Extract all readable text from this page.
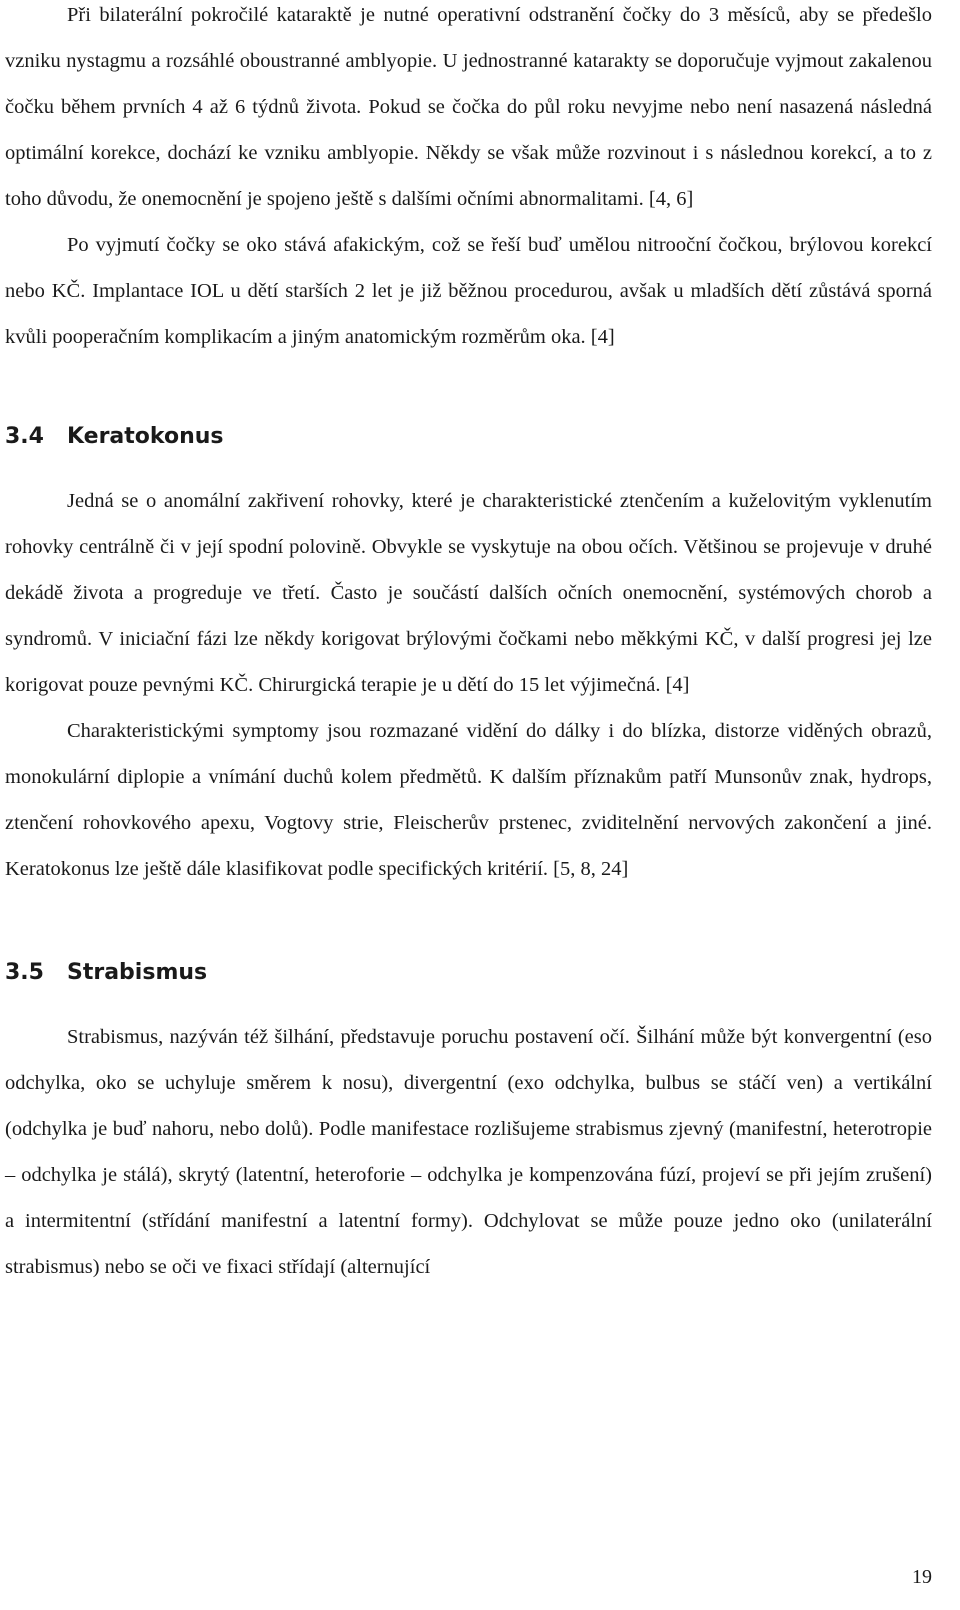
Při bilaterální pokročilé kataraktě je nutné operativní odstranění čočky do 3 měsíců, aby se předešlo vzniku nystagmu a rozsáhlé oboustranné amblyopie. U jednostranné katarakty se doporučuje vyjmout zakalenou čočku během prvních 4 až 6 týdnů života. Pokud se čočka do půl roku nevyjme nebo není nasazená následná optimální korekce, dochází ke vzniku amblyopie. Někdy se však může rozvinout i s následnou korekcí, a to z toho důvodu, že onemocnění je spojeno ještě s dalšími očními abnormalitami. [4, 6]

Po vyjmutí čočky se oko stává afakickým, což se řeší buď umělou nitrooční čočkou, brýlovou korekcí nebo KČ. Implantace IOL u dětí starších 2 let je již běžnou procedurou, avšak u mladších dětí zůstává sporná kvůli pooperačním komplikacím a jiným anatomickým rozměrům oka. [4]

3.4 Keratokonus

Jedná se o anomální zakřivení rohovky, které je charakteristické ztenčením a kuželovitým vyklenutím rohovky centrálně či v její spodní polovině. Obvykle se vyskytuje na obou očích. Většinou se projevuje v druhé dekádě života a progreduje ve třetí. Často je součástí dalších očních onemocnění, systémových chorob a syndromů. V iniciační fázi lze někdy korigovat brýlovými čočkami nebo měkkými KČ, v další progresi jej lze korigovat pouze pevnými KČ. Chirurgická terapie je u dětí do 15 let výjimečná. [4]

Charakteristickými symptomy jsou rozmazané vidění do dálky i do blízka, distorze viděných obrazů, monokulární diplopie a vnímání duchů kolem předmětů. K dalším příznakům patří Munsonův znak, hydrops, ztenčení rohovkového apexu, Vogtovy strie, Fleischerův prstenec, zviditelnění nervových zakončení a jiné. Keratokonus lze ještě dále klasifikovat podle specifických kritérií. [5, 8, 24]

3.5 Strabismus

Strabismus, nazýván též šilhání, představuje poruchu postavení očí. Šilhání může být konvergentní (eso odchylka, oko se uchyluje směrem k nosu), divergentní (exo odchylka, bulbus se stáčí ven) a vertikální (odchylka je buď nahoru, nebo dolů). Podle manifestace rozlišujeme strabismus zjevný (manifestní, heterotropie – odchylka je stálá), skrytý (latentní, heteroforie – odchylka je kompenzována fúzí, projeví se při jejím zrušení) a intermitentní (střídání manifestní a latentní formy). Odchylovat se může pouze jedno oko (unilaterální strabismus) nebo se oči ve fixaci střídají (alternující

19
